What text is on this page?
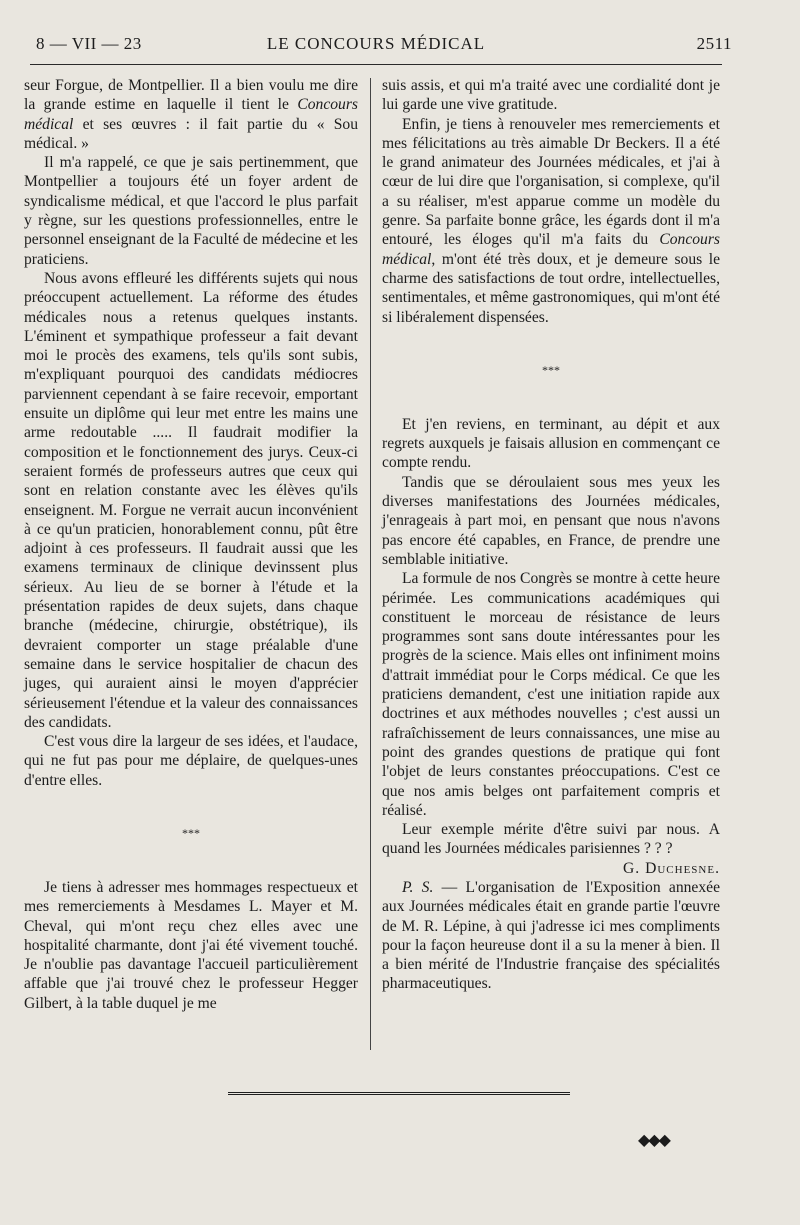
8 — VII — 23	LE CONCOURS MÉDICAL	2511

seur Forgue, de Montpellier. Il a bien voulu me dire la grande estime en laquelle il tient le Concours médical et ses œuvres : il fait partie du « Sou médical. »

Il m'a rappelé, ce que je sais pertinemment, que Montpellier a toujours été un foyer ardent de syndicalisme médical, et que l'accord le plus parfait y règne, sur les questions professionnelles, entre le personnel enseignant de la Faculté de médecine et les praticiens.

Nous avons effleuré les différents sujets qui nous préoccupent actuellement. La réforme des études médicales nous a retenus quelques instants. L'éminent et sympathique professeur a fait devant moi le procès des examens, tels qu'ils sont subis, m'expliquant pourquoi des candidats médiocres parviennent cependant à se faire recevoir, emportant ensuite un diplôme qui leur met entre les mains une arme redoutable ..... Il faudrait modifier la composition et le fonctionnement des jurys. Ceux-ci seraient formés de professeurs autres que ceux qui sont en relation constante avec les élèves qu'ils enseignent. M. Forgue ne verrait aucun inconvénient à ce qu'un praticien, honorablement connu, pût être adjoint à ces professeurs. Il faudrait aussi que les examens terminaux de clinique devinssent plus sérieux. Au lieu de se borner à l'étude et la présentation rapides de deux sujets, dans chaque branche (médecine, chirurgie, obstétrique), ils devraient comporter un stage préalable d'une semaine dans le service hospitalier de chacun des juges, qui auraient ainsi le moyen d'apprécier sérieusement l'étendue et la valeur des connaissances des candidats.

C'est vous dire la largeur de ses idées, et l'audace, qui ne fut pas pour me déplaire, de quelques-unes d'entre elles.

***

Je tiens à adresser mes hommages respectueux et mes remerciements à Mesdames L. Mayer et M. Cheval, qui m'ont reçu chez elles avec une hospitalité charmante, dont j'ai été vivement touché. Je n'oublie pas davantage l'accueil particulièrement affable que j'ai trouvé chez le professeur Hegger Gilbert, à la table duquel je me

suis assis, et qui m'a traité avec une cordialité dont je lui garde une vive gratitude.

Enfin, je tiens à renouveler mes remerciements et mes félicitations au très aimable Dr Beckers. Il a été le grand animateur des Journées médicales, et j'ai à cœur de lui dire que l'organisation, si complexe, qu'il a su réaliser, m'est apparue comme un modèle du genre. Sa parfaite bonne grâce, les égards dont il m'a entouré, les éloges qu'il m'a faits du Concours médical, m'ont été très doux, et je demeure sous le charme des satisfactions de tout ordre, intellectuelles, sentimentales, et même gastronomiques, qui m'ont été si libéralement dispensées.

***

Et j'en reviens, en terminant, au dépit et aux regrets auxquels je faisais allusion en commençant ce compte rendu.

Tandis que se déroulaient sous mes yeux les diverses manifestations des Journées médicales, j'enrageais à part moi, en pensant que nous n'avons pas encore été capables, en France, de prendre une semblable initiative.

La formule de nos Congrès se montre à cette heure périmée. Les communications académiques qui constituent le morceau de résistance de leurs programmes sont sans doute intéressantes pour les progrès de la science. Mais elles ont infiniment moins d'attrait immédiat pour le Corps médical. Ce que les praticiens demandent, c'est une initiation rapide aux doctrines et aux méthodes nouvelles ; c'est aussi un rafraîchissement de leurs connaissances, une mise au point des grandes questions de pratique qui font l'objet de leurs constantes préoccupations. C'est ce que nos amis belges ont parfaitement compris et réalisé.

Leur exemple mérite d'être suivi par nous. A quand les Journées médicales parisiennes ? ? ?

G. Duchesne.

P. S. — L'organisation de l'Exposition annexée aux Journées médicales était en grande partie l'œuvre de M. R. Lépine, à qui j'adresse ici mes compliments pour la façon heureuse dont il a su la mener à bien. Il a bien mérité de l'Industrie française des spécialités pharmaceutiques.

◆◆◆
